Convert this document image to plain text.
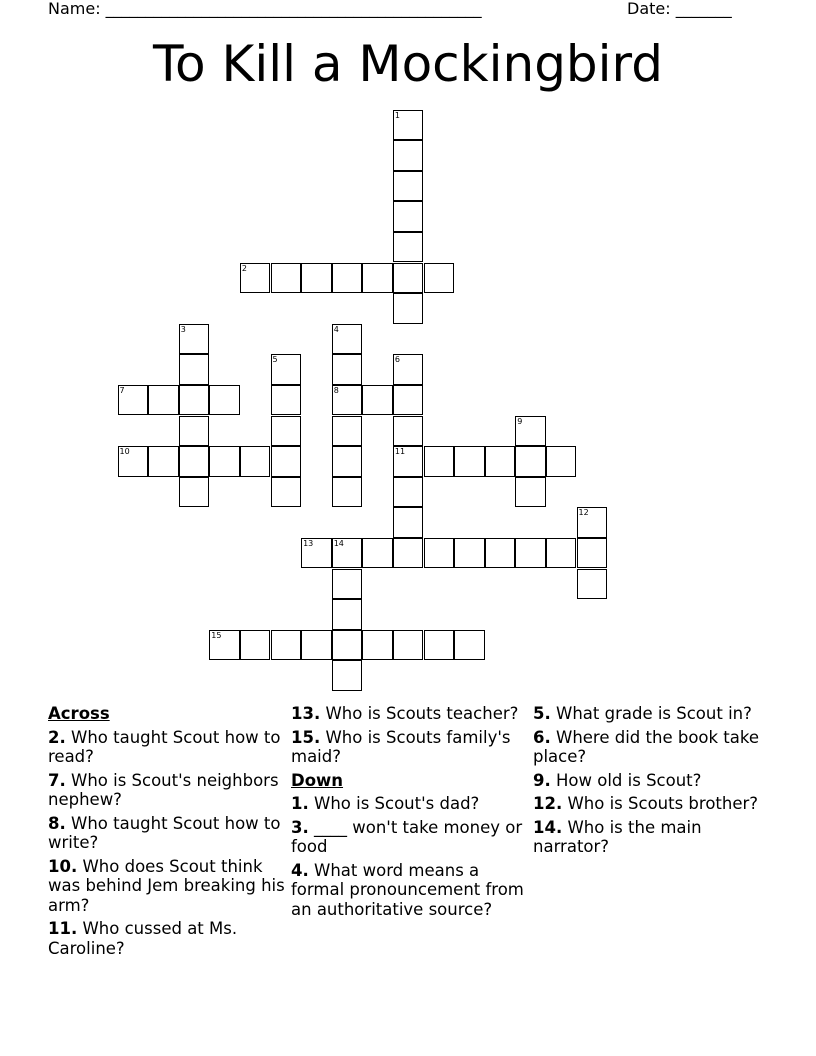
Name: _______________________________________________	Date: _______
To Kill a Mockingbird
1
2
3	4
8
5	6
11
7
9
10
12
13	14
15
Across
2. Who taught Scout how to read?
7. Who is Scout's neighbors nephew?
8. Who taught Scout how to write?
10. Who does Scout think was behind Jem breaking his arm?
11. Who cussed at Ms. Caroline?
13. Who is Scouts teacher?
15. Who is Scouts family's maid?
Down
1. Who is Scout's dad?
3. ____ won't take money or food
4. What word means a formal pronouncement from an authoritative source?
5. What grade is Scout in?
6. Where did the book take place?
9. How old is Scout?
12. Who is Scouts brother?
14. Who is the main narrator?
